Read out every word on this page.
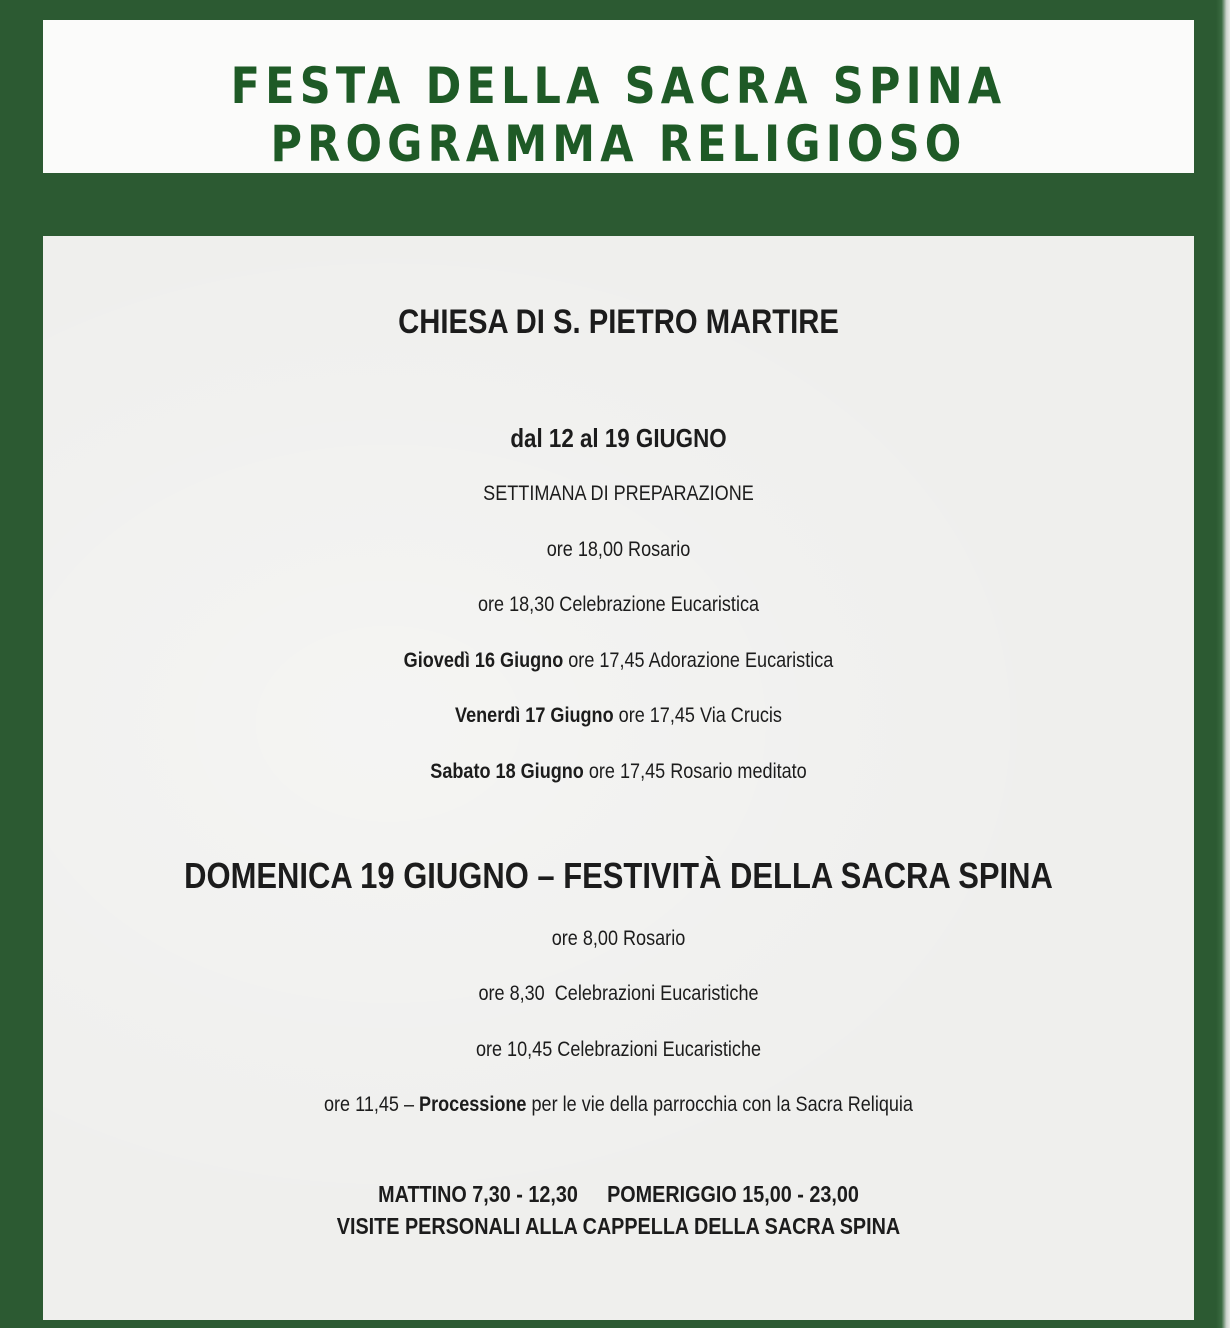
FESTA DELLA SACRA SPINA
PROGRAMMA RELIGIOSO
CHIESA DI S. PIETRO MARTIRE
dal 12 al 19 GIUGNO
SETTIMANA DI PREPARAZIONE
ore 18,00 Rosario
ore 18,30 Celebrazione Eucaristica
Giovedì 16 Giugno ore 17,45 Adorazione Eucaristica
Venerdì 17 Giugno ore 17,45 Via Crucis
Sabato 18 Giugno ore 17,45 Rosario meditato
DOMENICA 19 GIUGNO – FESTIVITÀ DELLA SACRA SPINA
ore 8,00 Rosario
ore 8,30  Celebrazioni Eucaristiche
ore 10,45 Celebrazioni Eucaristiche
ore 11,45 – Processione per le vie della parrocchia con la Sacra Reliquia
MATTINO 7,30 - 12,30 POMERIGGIO 15,00 - 23,00
VISITE PERSONALI ALLA CAPPELLA DELLA SACRA SPINA
